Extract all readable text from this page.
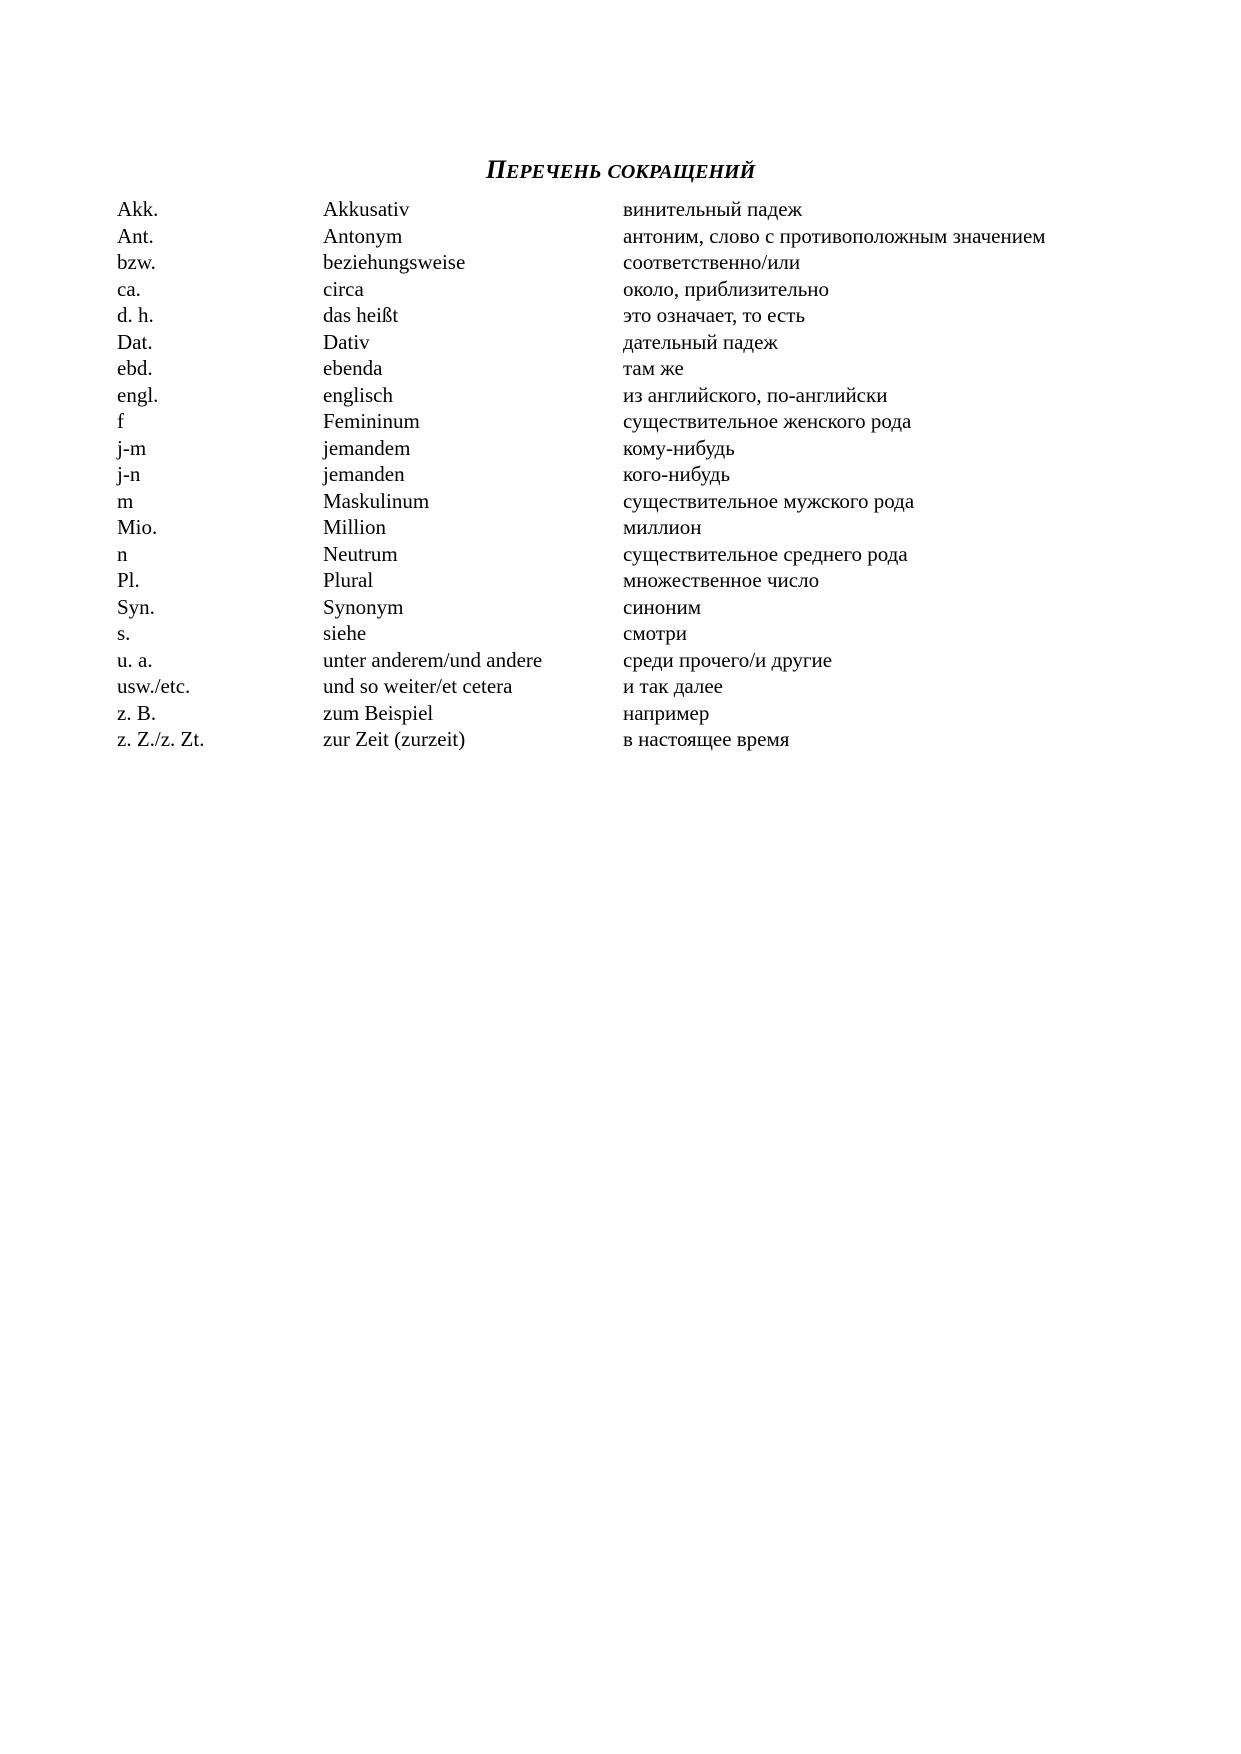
ПЕРЕЧЕНЬ СОКРАЩЕНИЙ
Akk.	Akkusativ	винительный падеж
Ant.	Antonym	антоним, слово с противоположным значением
bzw.	beziehungsweise	соответственно/или
ca.	circa	около, приблизительно
d. h.	das heißt	это означает, то есть
Dat.	Dativ	дательный падеж
ebd.	ebenda	там же
engl.	englisch	из английского, по-английски
f	Femininum	существительное женского рода
j-m	jemandem	кому-нибудь
j-n	jemanden	кого-нибудь
m	Maskulinum	существительное мужского рода
Mio.	Million	миллион
n	Neutrum	существительное среднего рода
Pl.	Plural	множественное число
Syn.	Synonym	синоним
s.	siehe	смотри
u. a.	unter anderem/und andere	среди прочего/и другие
usw./etc.	und so weiter/et cetera	и так далее
z. B.	zum Beispiel	например
z. Z./z. Zt.	zur Zeit (zurzeit)	в настоящее время
